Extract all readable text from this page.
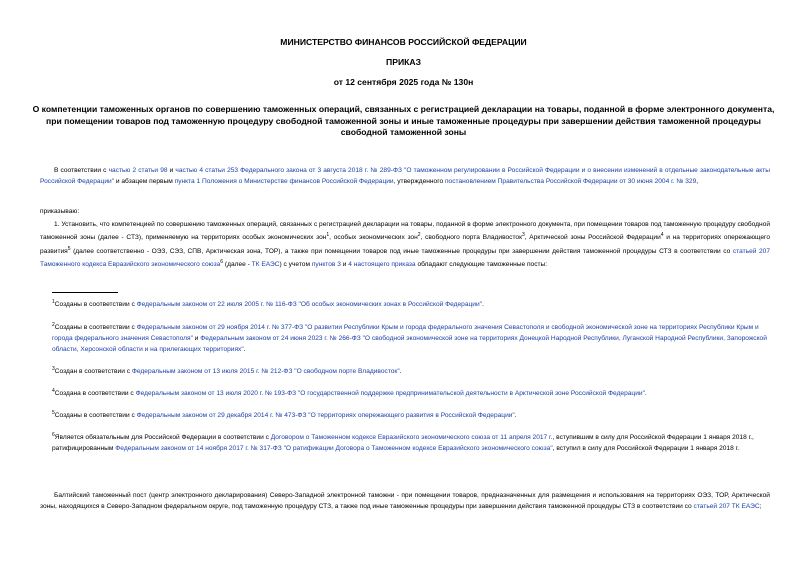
МИНИСТЕРСТВО ФИНАНСОВ РОССИЙСКОЙ ФЕДЕРАЦИИ
ПРИКАЗ
от 12 сентября 2025 года № 130н
О компетенции таможенных органов по совершению таможенных операций, связанных с регистрацией декларации на товары, поданной в форме электронного документа, при помещении товаров под таможенную процедуру свободной таможенной зоны и иные таможенные процедуры при завершении действия таможенной процедуры свободной таможенной зоны
В соответствии с частью 2 статьи 98 и частью 4 статьи 253 Федерального закона от 3 августа 2018 г. № 289-ФЗ "О таможенном регулировании в Российской Федерации и о внесении изменений в отдельные законодательные акты Российской Федерации" и абзацем первым пункта 1 Положения о Министерстве финансов Российской Федерации, утвержденного постановлением Правительства Российской Федерации от 30 июня 2004 г. № 329,
приказываю:
1. Установить, что компетенцией по совершению таможенных операций, связанных с регистрацией декларации на товары, поданной в форме электронного документа, при помещении товаров под таможенную процедуру свободной таможенной зоны (далее - СТЗ), применяемую на территориях особых экономических зон$^1$, особых экономических зон$^2$, свободного порта Владивосток$^3$, Арктической зоны Российской Федерации$^4$ и на территориях опережающего развития$^5$ (далее соответственно - ОЭЗ, СЭЗ, СПВ, Арктическая зона, ТОР), а также при помещении товаров под иные таможенные процедуры при завершении действия таможенной процедуры СТЗ в соответствии со статьей 207 Таможенного кодекса Евразийского экономического союза$^6$ (далее - ТК ЕАЭС) с учетом пунктов 3 и 4 настоящего приказа обладают следующие таможенные посты:
$^1$Созданы в соответствии с Федеральным законом от 22 июля 2005 г. № 116-ФЗ "Об особых экономических зонах в Российской Федерации".
$^2$Созданы в соответствии с Федеральным законом от 29 ноября 2014 г. № 377-ФЗ "О развитии Республики Крым и города федерального значения Севастополя и свободной экономической зоне на территориях Республики Крым и города федерального значения Севастополя" и Федеральным законом от 24 июня 2023 г. № 266-ФЗ "О свободной экономической зоне на территориях Донецкой Народной Республики, Луганской Народной Республики, Запорожской области, Херсонской области и на прилегающих территориях".
$^3$Создан в соответствии с Федеральным законом от 13 июля 2015 г. № 212-ФЗ "О свободном порте Владивосток".
$^4$Создана в соответствии с Федеральным законом от 13 июля 2020 г. № 193-ФЗ "О государственной поддержке предпринимательской деятельности в Арктической зоне Российской Федерации".
$^5$Созданы в соответствии с Федеральным законом от 29 декабря 2014 г. № 473-ФЗ "О территориях опережающего развития в Российской Федерации".
$^6$Является обязательным для Российской Федерации в соответствии с Договором о Таможенном кодексе Евразийского экономического союза от 11 апреля 2017 г., вступившим в силу для Российской Федерации 1 января 2018 г., ратифицированным Федеральным законом от 14 ноября 2017 г. № 317-ФЗ "О ратификации Договора о Таможенном кодексе Евразийского экономического союза", вступил в силу для Российской Федерации 1 января 2018 г.
Балтийский таможенный пост (центр электронного декларирования) Северо-Западной электронной таможни - при помещении товаров, предназначенных для размещения и использования на территориях ОЭЗ, ТОР, Арктической зоны, находящихся в Северо-Западном федеральном округе, под таможенную процедуру СТЗ, а также под иные таможенные процедуры при завершении действия таможенной процедуры СТЗ в соответствии со статьей 207 ТК ЕАЭС;
